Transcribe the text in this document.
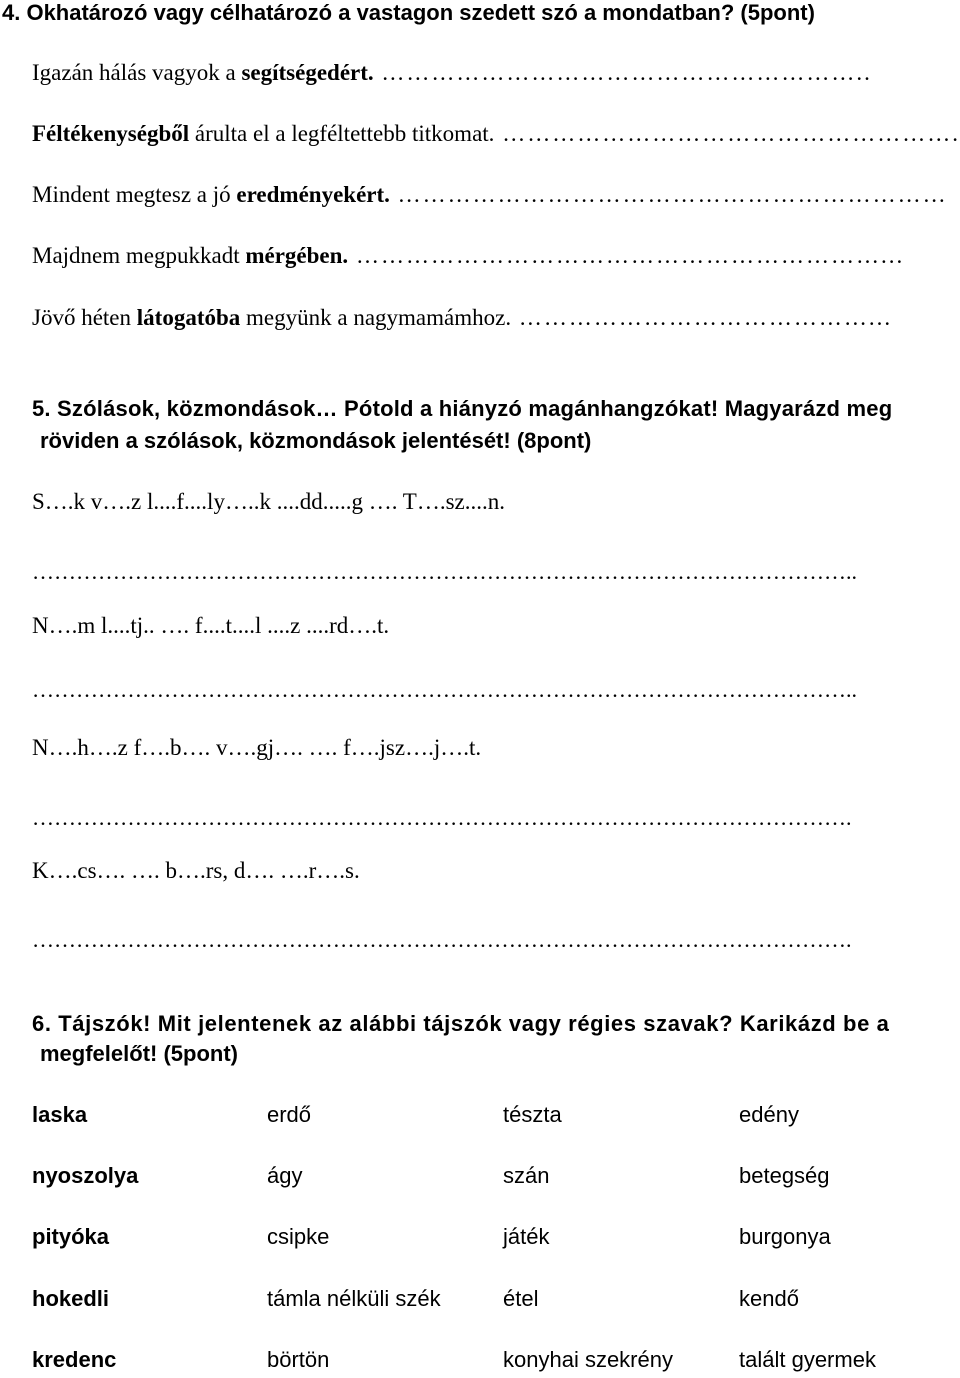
4. Okhatározó vagy célhatározó a vastagon szedett szó a mondatban? (5pont)
Igazán hálás vagyok a segítségedért. …………………………………………………..
Féltékenységből árulta el a legféltettebb titkomat. ……………………………………………….
Mindent megtesz a jó eredményekért. …………………………………………………………
Majdnem megpukkadt mérgében. ………………………………………………………...
Jövő héten látogatóba megyünk a nagymamámhoz. ……………………………………...
5. Szólások, közmondások… Pótold a hiányzó magánhangzókat! Magyarázd meg
röviden a szólások, közmondások jelentését! (8pont)
S….k v….z l....f....ly…..k ....dd.....g …. T….sz....n.
…………………………………………………………………………………………………..
N….m l....tj.. …. f....t....l ....z ....rd….t.
…………………………………………………………………………………………………..
N….h….z f….b…. v….gj…. …. f….jsz….j….t.
………………………………………………………………………………………………….
K….cs…. …. b….rs, d…. ….r….s.
………………………………………………………………………………………………….
6. Tájszók! Mit jelentenek az alábbi tájszók vagy régies szavak? Karikázd be a
megfelelőt! (5pont)
laska	erdő	tészta	edény
nyoszolya	ágy	szán	betegség
pityóka	csipke	játék	burgonya
hokedli	támla nélküli szék	étel	kendő
kredenc	börtön	konyhai szekrény	talált gyermek
